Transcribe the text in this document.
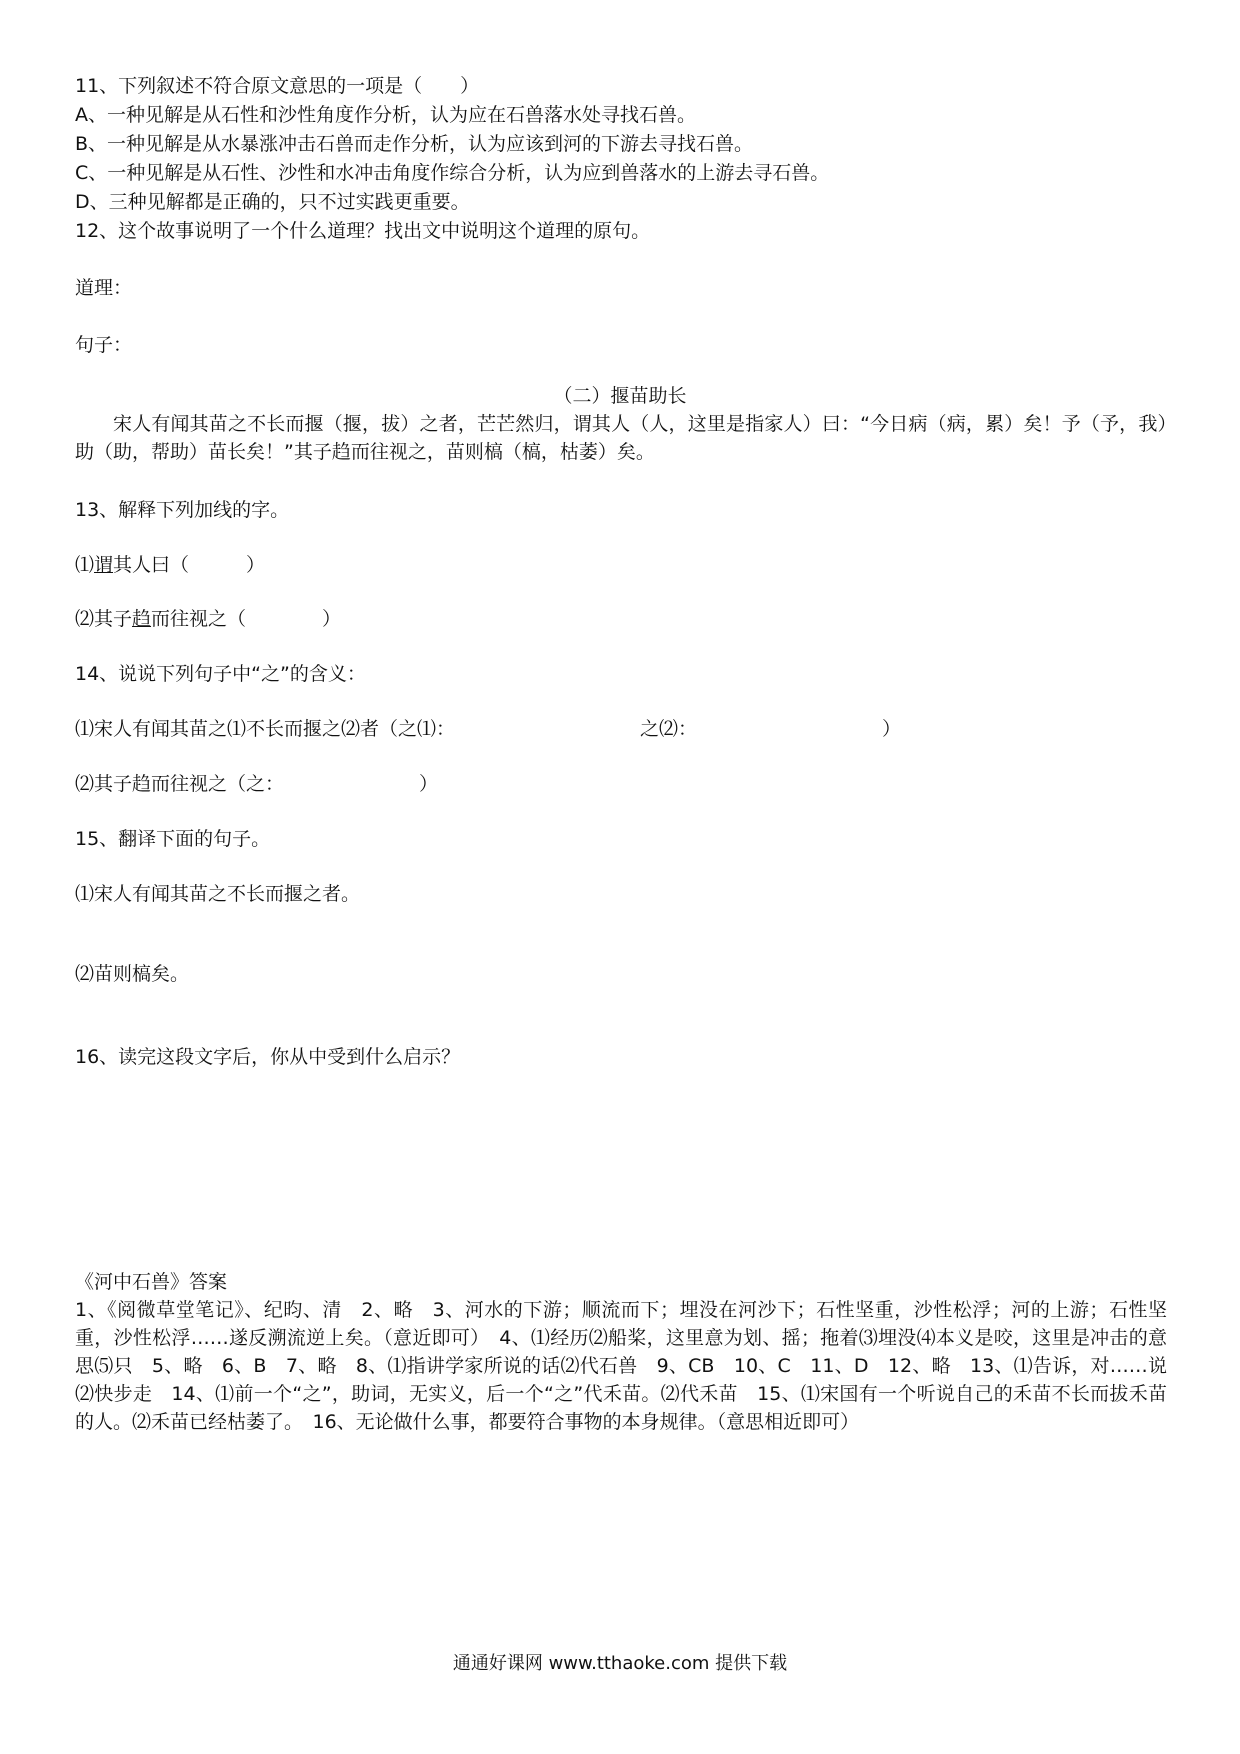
11、下列叙述不符合原文意思的一项是（　　）
A、一种见解是从石性和沙性角度作分析，认为应在石兽落水处寻找石兽。
B、一种见解是从水暴涨冲击石兽而走作分析，认为应该到河的下游去寻找石兽。
C、一种见解是从石性、沙性和水冲击角度作综合分析，认为应到兽落水的上游去寻石兽。
D、三种见解都是正确的，只不过实践更重要。
12、这个故事说明了一个什么道理？找出文中说明这个道理的原句。
道理：
句子：
（二）揠苗助长
宋人有闻其苗之不长而揠（揠，拔）之者，芒芒然归，谓其人（人，这里是指家人）曰：“今日病（病，累）矣！予（予，我）助（助，帮助）苗长矣！”其子趋而往视之，苗则槁（槁，枯萎）矣。
13、解释下列加线的字。
⑴谓其人曰（　　　）
⑵其子趋而往视之（　　　　）
14、说说下列句子中“之”的含义：
⑴宋人有闻其苗之⑴不长而揠之⑵者（之⑴：	之⑵：	）
⑵其子趋而往视之（之：	）
15、翻译下面的句子。
⑴宋人有闻其苗之不长而揠之者。
⑵苗则槁矣。
16、读完这段文字后，你从中受到什么启示？
《河中石兽》答案
1、《阅微草堂笔记》、纪昀、清　2、略　3、河水的下游；顺流而下；埋没在河沙下；石性坚重，沙性松浮；河的上游；石性坚重，沙性松浮……遂反溯流逆上矣。（意近即可）　4、⑴经历⑵船桨，这里意为划、摇；拖着⑶埋没⑷本义是咬，这里是冲击的意思⑸只　5、略　6、B　7、略　8、⑴指讲学家所说的话⑵代石兽　9、CB　10、C　11、D　12、略　13、⑴告诉，对……说⑵快步走　14、⑴前一个“之”，助词，无实义，后一个“之”代禾苗。⑵代禾苗　15、⑴宋国有一个听说自己的禾苗不长而拔禾苗的人。⑵禾苗已经枯萎了。　16、无论做什么事，都要符合事物的本身规律。（意思相近即可）
通通好课网 www.tthaoke.com 提供下载
